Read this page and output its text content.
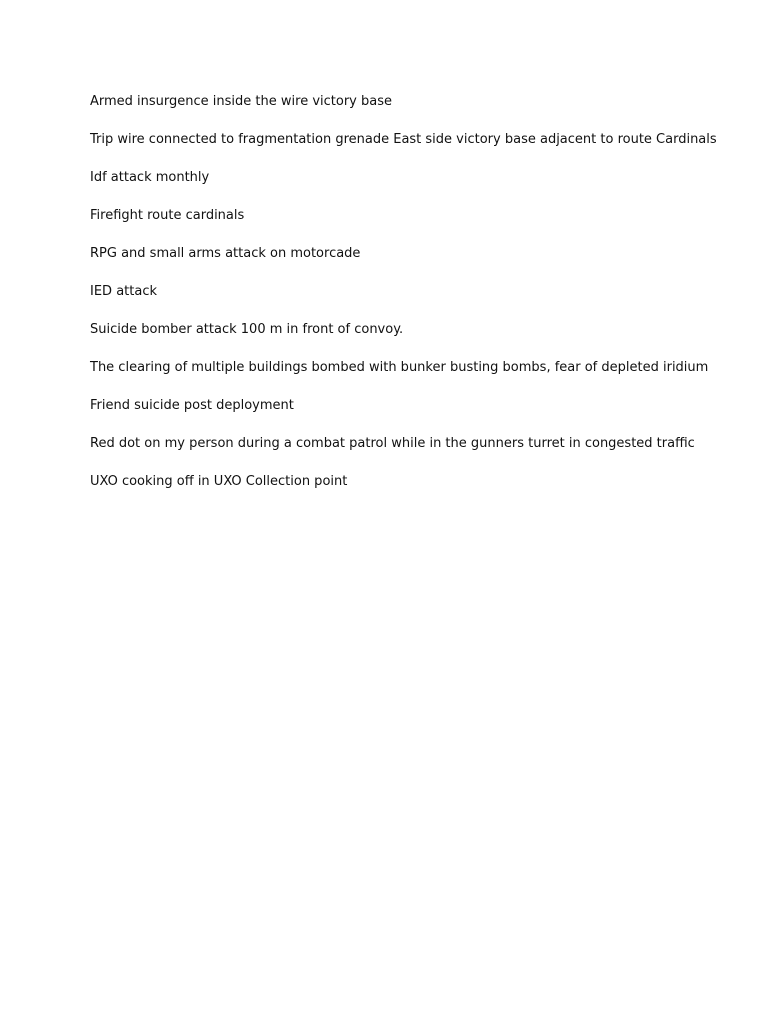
Armed insurgence inside the wire victory base

Trip wire connected to fragmentation grenade East side victory base adjacent to route Cardinals

Idf attack monthly

Firefight route cardinals

RPG and small arms attack on motorcade

IED attack

Suicide bomber attack 100 m in front of convoy.

The clearing of multiple buildings bombed with bunker busting bombs, fear of depleted iridium

Friend suicide post deployment

Red dot on my person during a combat patrol while in the gunners turret in congested traffic

UXO cooking off in UXO Collection point
